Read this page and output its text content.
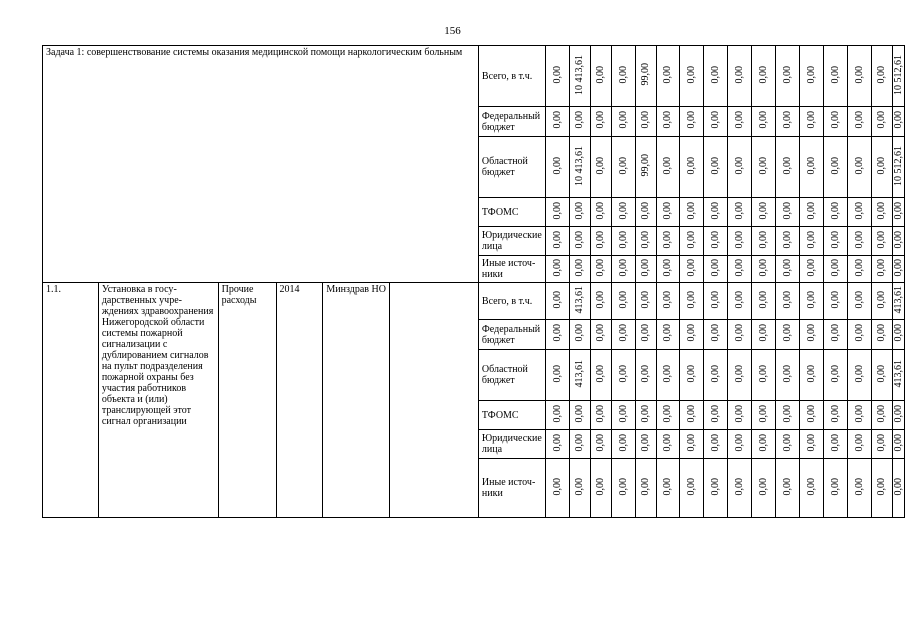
156
Задача 1: совершенствование системы оказания медицинской помощи наркологическим больным						Всего, в т.ч.	0,00	10 413,61	0,00	0,00	99,00	0,00	0,00	0,00	0,00	0,00	0,00	0,00	0,00	0,00	0,00	10 512,61
						Федеральный бюджет	0,00	0,00	0,00	0,00	0,00	0,00	0,00	0,00	0,00	0,00	0,00	0,00	0,00	0,00	0,00	0,00
						Областной бюджет	0,00	10 413,61	0,00	0,00	99,00	0,00	0,00	0,00	0,00	0,00	0,00	0,00	0,00	0,00	0,00	10 512,61
						ТФОМС	0,00	0,00	0,00	0,00	0,00	0,00	0,00	0,00	0,00	0,00	0,00	0,00	0,00	0,00	0,00	0,00
						Юридические лица	0,00	0,00	0,00	0,00	0,00	0,00	0,00	0,00	0,00	0,00	0,00	0,00	0,00	0,00	0,00	0,00
						Иные источники	0,00	0,00	0,00	0,00	0,00	0,00	0,00	0,00	0,00	0,00	0,00	0,00	0,00	0,00	0,00	0,00
1.1.	Установка в государственных учреждениях здравоохранения Нижегородской области системы пожарной сигнализации с дублированием сигналов на пульт подразделения пожарной охраны без участия работников объекта и (или) транслирующей этот сигнал организации	Прочие расходы	2014	Минздрав НО		Всего, в т.ч.	0,00	413,61	0,00	0,00	0,00	0,00	0,00	0,00	0,00	0,00	0,00	0,00	0,00	0,00	0,00	413,61
						Федеральный бюджет	0,00	0,00	0,00	0,00	0,00	0,00	0,00	0,00	0,00	0,00	0,00	0,00	0,00	0,00	0,00	0,00
						Областной бюджет	0,00	413,61	0,00	0,00	0,00	0,00	0,00	0,00	0,00	0,00	0,00	0,00	0,00	0,00	0,00	413,61
						ТФОМС	0,00	0,00	0,00	0,00	0,00	0,00	0,00	0,00	0,00	0,00	0,00	0,00	0,00	0,00	0,00	0,00
						Юридические лица	0,00	0,00	0,00	0,00	0,00	0,00	0,00	0,00	0,00	0,00	0,00	0,00	0,00	0,00	0,00	0,00
						Иные источники	0,00	0,00	0,00	0,00	0,00	0,00	0,00	0,00	0,00	0,00	0,00	0,00	0,00	0,00	0,00	0,00
